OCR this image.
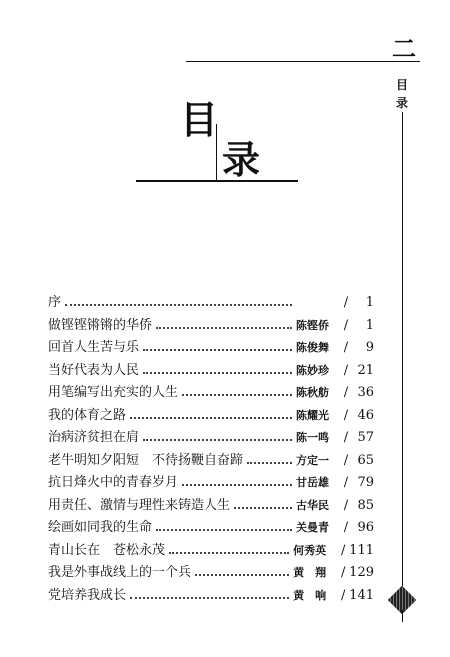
二
目
录
目
录
序	/	1
做铿铿锵锵的华侨	陈铿侨	/	1
回首人生苦与乐	陈俊舞	/	9
当好代表为人民	陈妙珍	/ 21
用笔编写出充实的人生	陈秋舫	/ 36
我的体育之路	陈耀光	/ 46
治病济贫担在肩	陈一鸣	/ 57
老牛明知夕阳短　不待扬鞭自奋蹄	方定一	/ 65
抗日烽火中的青春岁月	甘岳雄	/ 79
用责任、激情与理性来铸造人生	古华民	/ 85
绘画如同我的生命	关曼青	/ 96
青山长在　苍松永茂	何秀英	/ 111
我是外事战线上的一个兵	黄　翔	/ 129
党培养我成长	黄　响	/ 141
